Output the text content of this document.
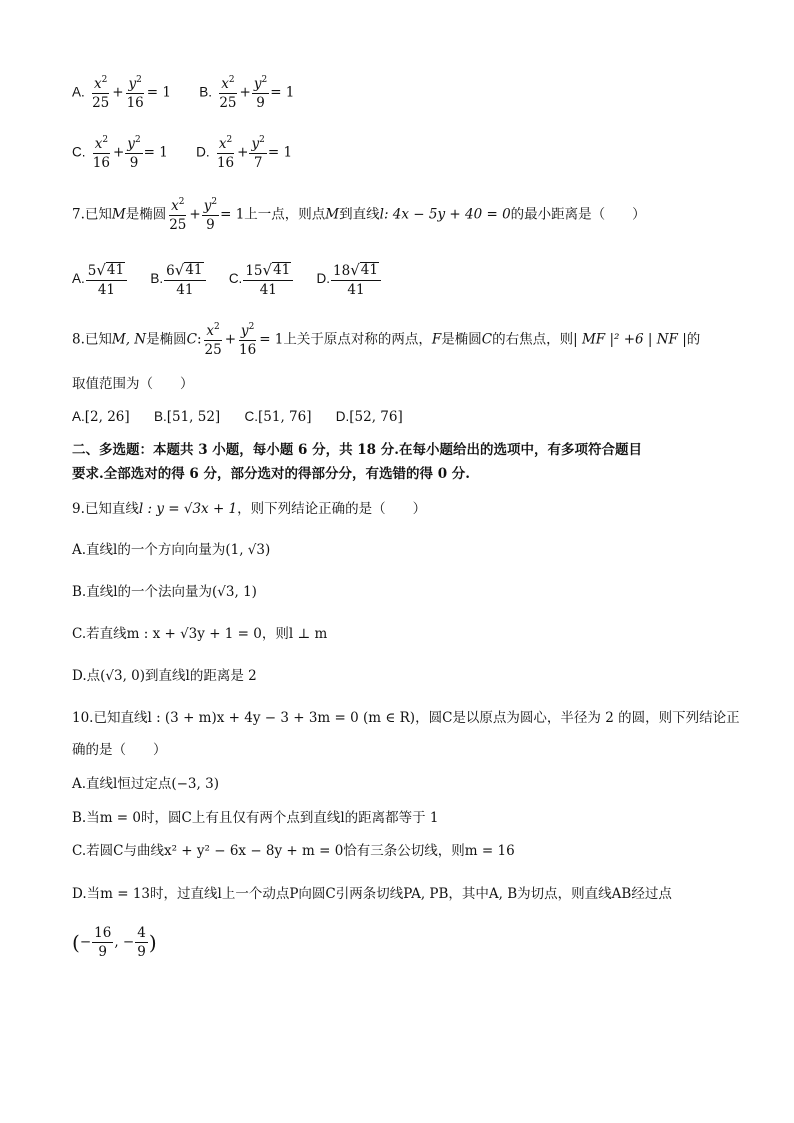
A. $\frac{x^2}{25} + \frac{y^2}{16} = 1$ B. $\frac{x^2}{25} + \frac{y^2}{9} = 1$
C. $\frac{x^2}{16} + \frac{y^2}{9} = 1$ D. $\frac{x^2}{16} + \frac{y^2}{7} = 1$
7.已知M是椭圆 $\frac{x^2}{25} + \frac{y^2}{9} = 1$上一点，则点M到直线l: 4x − 5y + 40 = 0的最小距离是（　　）
A. $\frac{5 √ 41}{41} B$. $\frac{6 √ 41}{41} C$. $\frac{15 √ 41}{41} D$. $\frac{18 √ 41}{41}$
8.已知M, N是椭圆C: $\frac{x^2}{25} + \frac{y^2}{16} = 1$上关于原点对称的两点，F是椭圆C的右焦点，则| MF |² +6 | NF |的
取值范围为（　　）
A.[2, 26] B.[51, 52] C.[51, 76] D.[52, 76]
二、多选题：本题共 3 小题，每小题 6 分，共 18 分.在每小题给出的选项中，有多项符合题目
要求.全部选对的得 6 分，部分选对的得部分分，有选错的得 0 分.
9.已知直线l : y = √3x + 1，则下列结论正确的是（　　）
A.直线l的一个方向向量为(1, √3)
B.直线l的一个法向量为(√3, 1)
C.若直线m : x + √3y + 1 = 0，则l ⊥ m
D.点(√3, 0)到直线l的距离是 2
10.已知直线l : (3 + m)x + 4y − 3 + 3m = 0 (m ∈ R)，圆C是以原点为圆心，半径为 2 的圆，则下列结论正
确的是（　　）
A.直线l恒过定点(−3, 3)
B.当m = 0时，圆C上有且仅有两个点到直线l的距离都等于 1
C.若圆C与曲线x² + y² − 6x − 8y + m = 0恰有三条公切线，则m = 16
D.当m = 13时，过直线l上一个动点P向圆C引两条切线PA, PB，其中A, B为切点，则直线AB经过点
(− $\frac{16}{9}$ , − $\frac{4}{9}$ )
